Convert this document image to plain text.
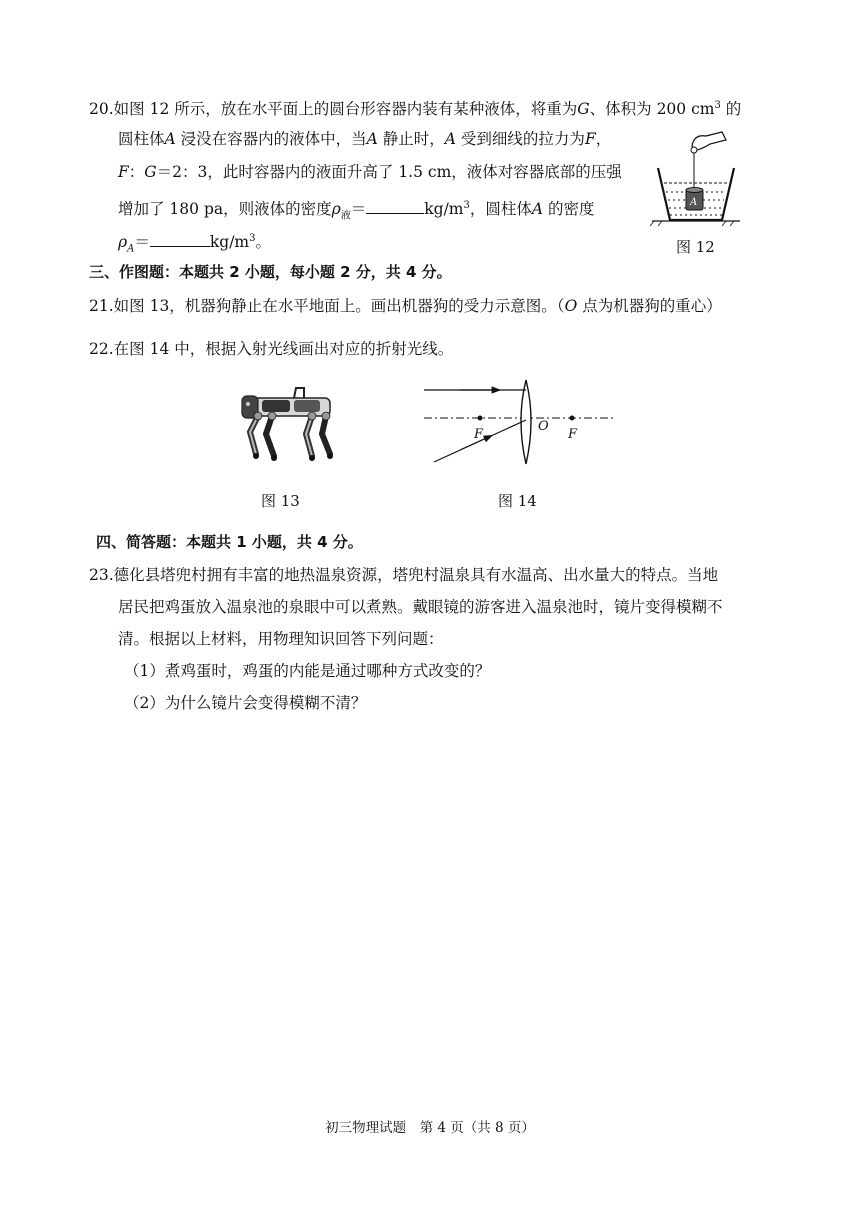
20.如图 12 所示，放在水平面上的圆台形容器内装有某种液体，将重为G、体积为 200 $cm^3$ 的
圆柱体A 浸没在容器内的液体中，当A 静止时，A 受到细线的拉力为F，
F：G＝2：3，此时容器内的液面升高了 1.5 cm，液体对容器底部的压强
增加了 180 pa，则液体的密度$\rho_液=$	$kg/m^3$，圆柱体A 的密度
$\rho_A=$	$kg/m^3$。
A
图 12
三、作图题：本题共 2 小题，每小题 2 分，共 4 分。
21.如图 13，机器狗静止在水平地面上。画出机器狗的受力示意图。（O 点为机器狗的重心）
22.在图 14 中，根据入射光线画出对应的折射光线。
图 13
F
O
F
图 14
四、简答题：本题共 1 小题，共 4 分。
23.德化县塔兜村拥有丰富的地热温泉资源，塔兜村温泉具有水温高、出水量大的特点。当地
居民把鸡蛋放入温泉池的泉眼中可以煮熟。戴眼镜的游客进入温泉池时，镜片变得模糊不
清。根据以上材料，用物理知识回答下列问题：
（1）煮鸡蛋时，鸡蛋的内能是通过哪种方式改变的？
（2）为什么镜片会变得模糊不清？
初三物理试题　第 4 页（共 8 页）
